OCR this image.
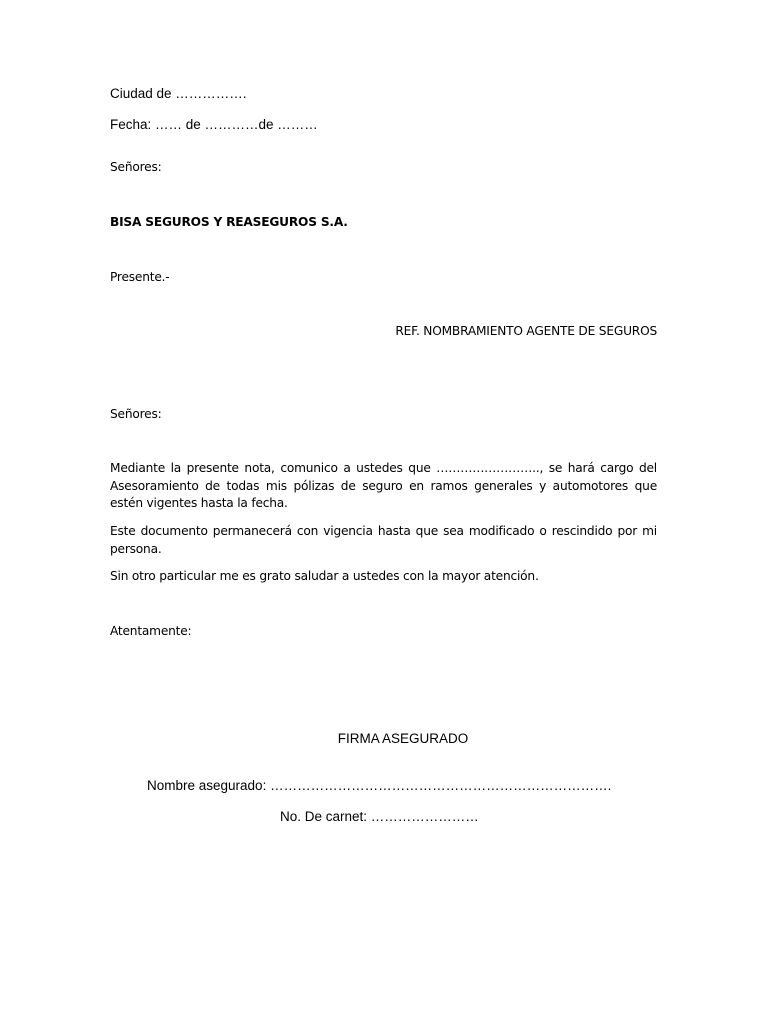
Ciudad de …………….
Fecha: …… de …………de ………
Señores:
BISA SEGUROS Y REASEGUROS S.A.
Presente.-
REF. NOMBRAMIENTO AGENTE DE SEGUROS
Señores:
Mediante la presente nota, comunico a ustedes que …………………….., se hará cargo del Asesoramiento de todas mis pólizas de seguro en ramos generales y automotores que estén vigentes hasta la fecha.
Este documento permanecerá con vigencia hasta que sea modificado o rescindido por mi persona.
Sin otro particular me es grato saludar a ustedes con la mayor atención.
Atentamente:
FIRMA ASEGURADO
Nombre asegurado: ………………………………………………………………….
No. De carnet: ……………………
